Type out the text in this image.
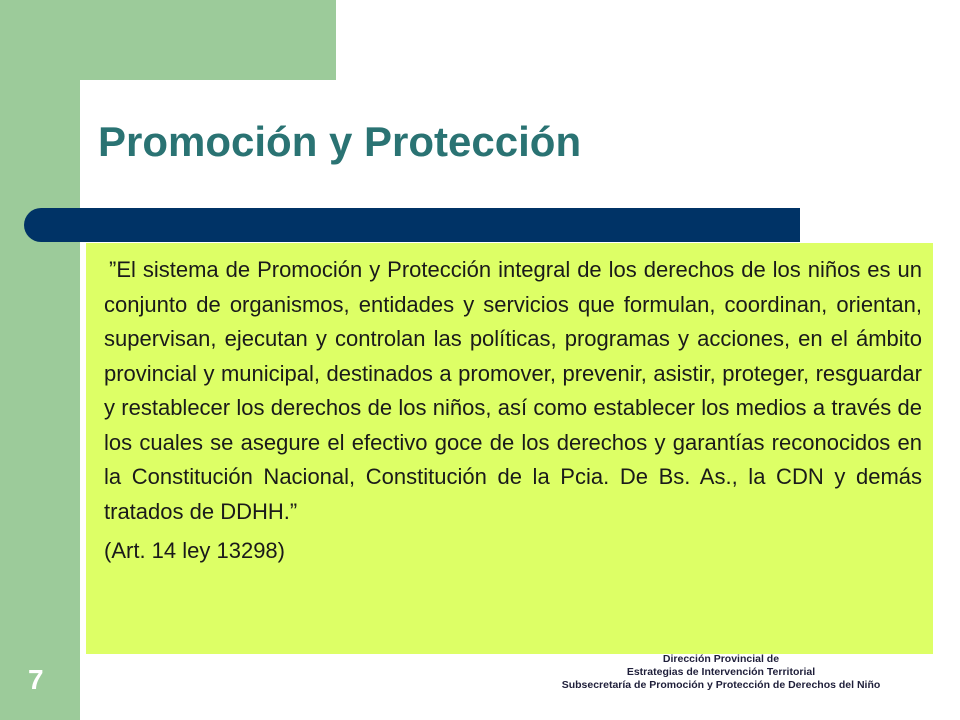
Promoción y Protección

”El sistema de Promoción y Protección integral de los derechos de los niños es un conjunto de organismos, entidades y servicios que formulan, coordinan, orientan, supervisan, ejecutan y controlan las políticas, programas y acciones, en el ámbito provincial y municipal, destinados a promover, prevenir, asistir, proteger, resguardar y restablecer los derechos de los niños, así como establecer los medios a través de los cuales se asegure el efectivo goce de los derechos y garantías reconocidos en la Constitución Nacional, Constitución de la Pcia. De Bs. As., la CDN y demás tratados de DDHH.”

(Art. 14 ley 13298)

7
Dirección Provincial de
Estrategias de Intervención Territorial
Subsecretaría de Promoción y Protección de Derechos del Niño
